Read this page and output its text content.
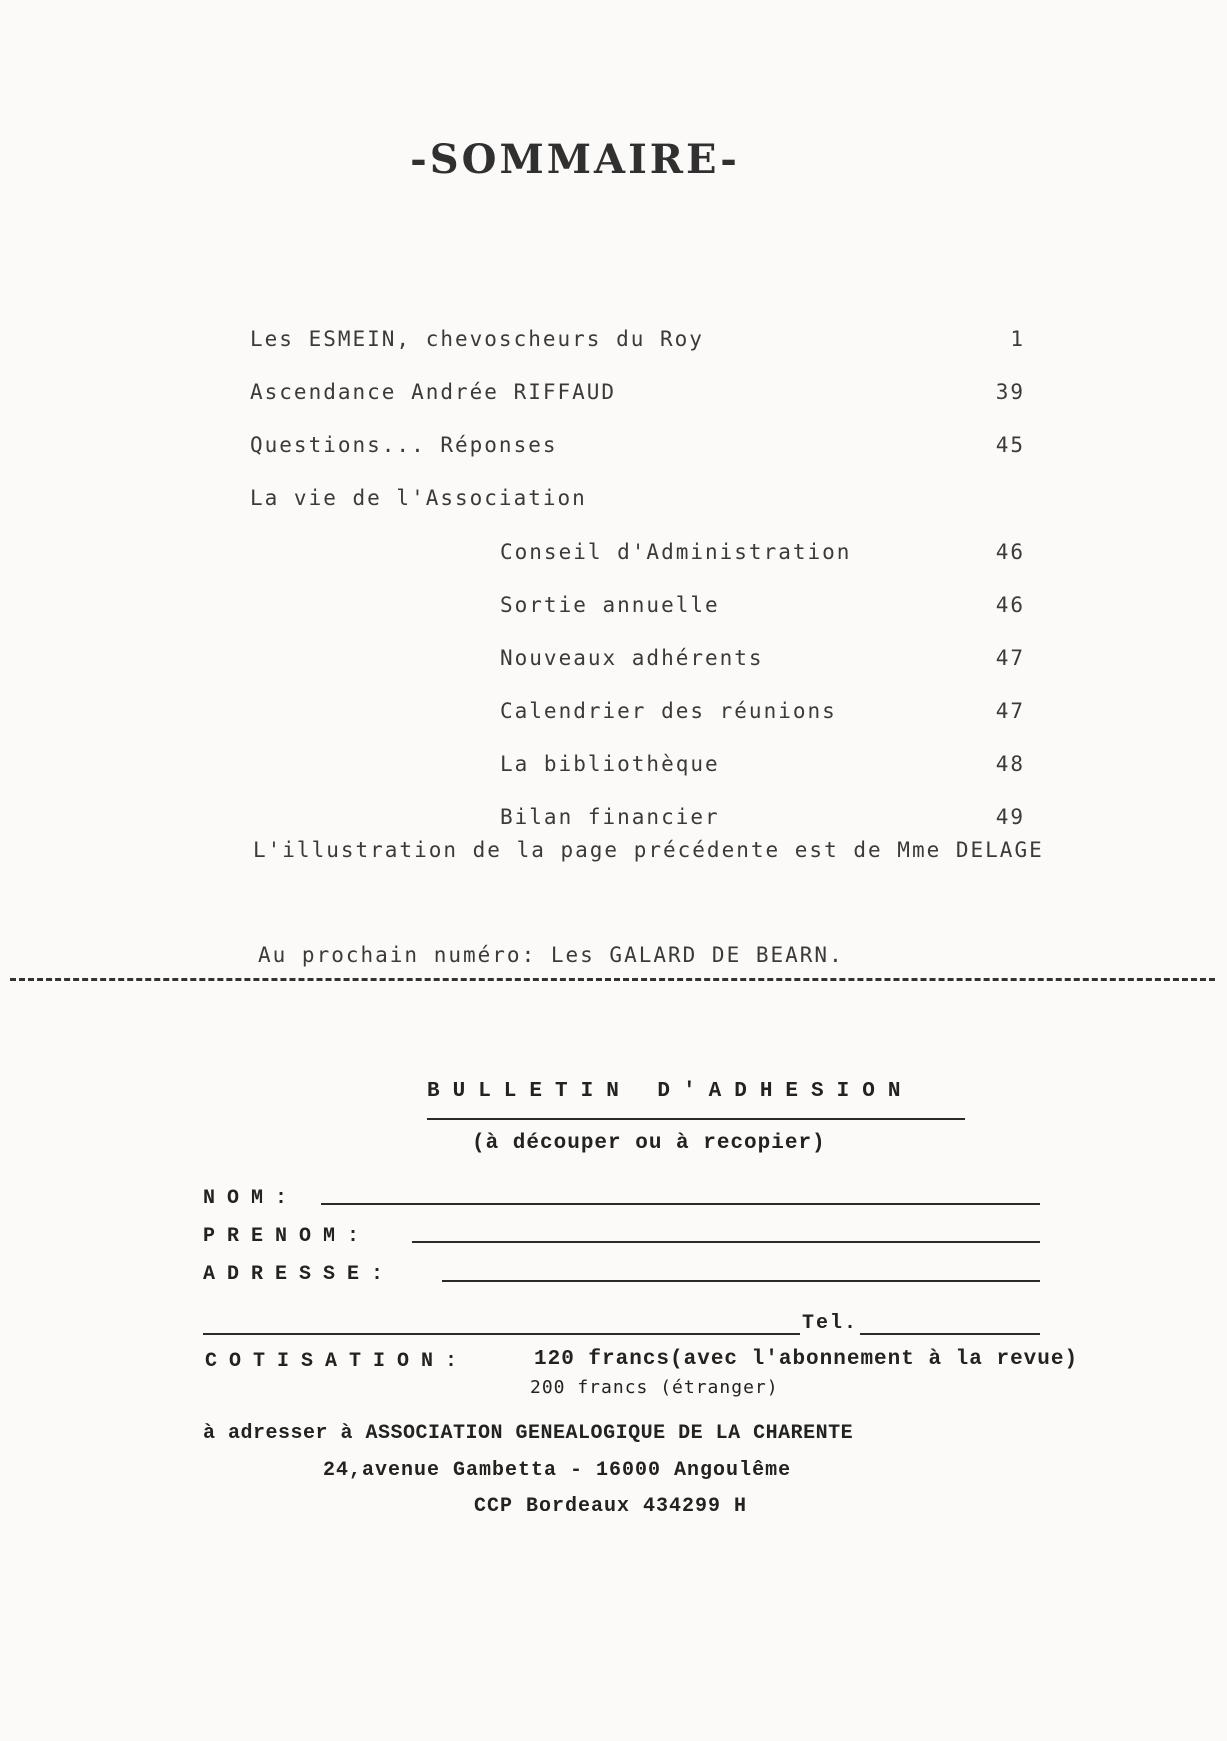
-SOMMAIRE-
Les ESMEIN, chevoscheurs du Roy	1
Ascendance Andrée RIFFAUD	39
Questions... Réponses	45
La vie de l'Association
Conseil d'Administration	46
Sortie annuelle	46
Nouveaux adhérents	47
Calendrier des réunions	47
La bibliothèque	48
Bilan financier	49
L'illustration de la page précédente est de Mme DELAGE
Au prochain numéro: Les GALARD DE BEARN.
BULLETIN D'ADHESION
(à découper ou à recopier)
NOM:
PRENOM:
ADRESSE:
Tel.
COTISATION:	120 francs(avec l'abonnement à la revue)
200 francs (étranger)
à adresser à ASSOCIATION GENEALOGIQUE DE LA CHARENTE
24,avenue Gambetta - 16000 Angoulême
CCP Bordeaux 434299 H
